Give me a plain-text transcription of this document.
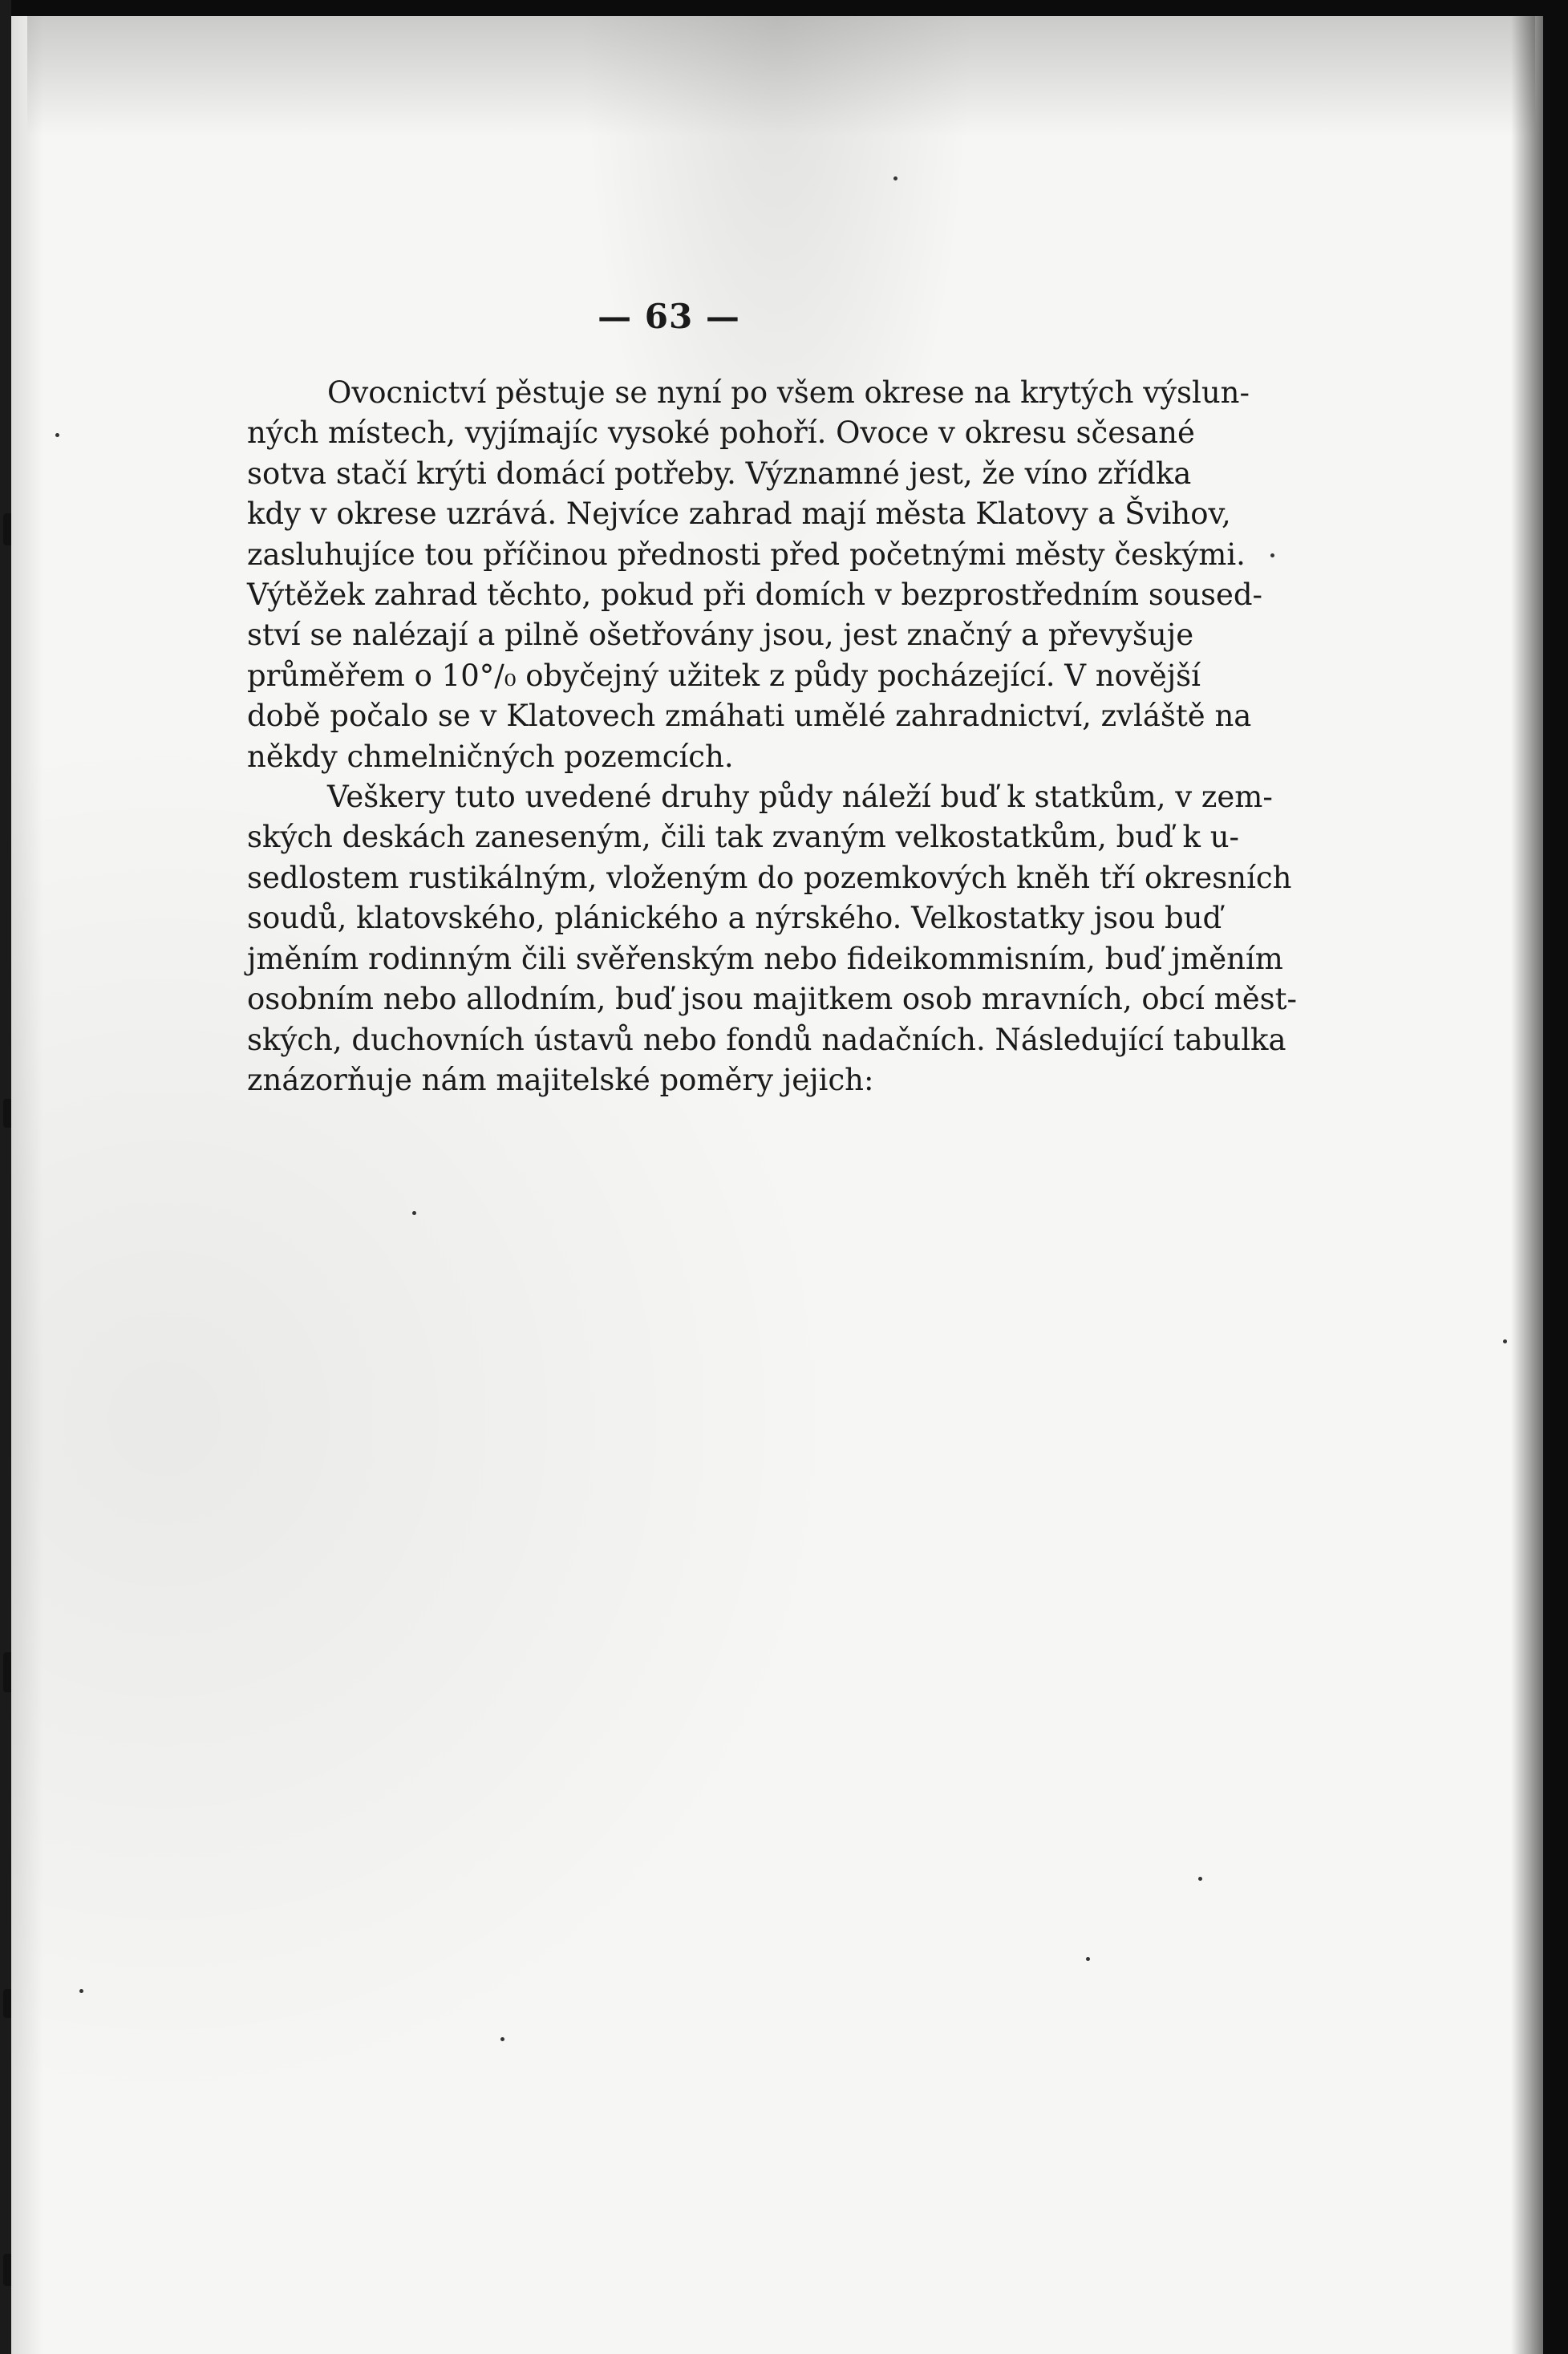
— 63 —
Ovocnictví pěstuje se nyní po všem okrese na krytých výslun-
ných místech, vyjímajíc vysoké pohoří. Ovoce v okresu sčesané
sotva stačí krýti domácí potřeby. Významné jest, že víno zřídka
kdy v okrese uzrává. Nejvíce zahrad mají města Klatovy a Švihov,
zasluhujíce tou příčinou přednosti před početnými městy českými.
Výtěžek zahrad těchto, pokud při domích v bezprostředním soused-
ství se nalézají a pilně ošetřovány jsou, jest značný a převyšuje
průměřem o 10°/₀ obyčejný užitek z půdy pocházející. V novější
době počalo se v Klatovech zmáhati umělé zahradnictví, zvláště na
někdy chmelničných pozemcích.
Veškery tuto uvedené druhy půdy náleží buď k statkům, v zem-
ských deskách zaneseným, čili tak zvaným velkostatkům, buď k u-
sedlostem rustikálným, vloženým do pozemkových kněh tří okresních
soudů, klatovského, plánického a nýrského. Velkostatky jsou buď
jměním rodinným čili svěřenským nebo fideikommisním, buď jměním
osobním nebo allodním, buď jsou majitkem osob mravních, obcí měst-
ských, duchovních ústavů nebo fondů nadačních. Následující tabulka
znázorňuje nám majitelské poměry jejich:
